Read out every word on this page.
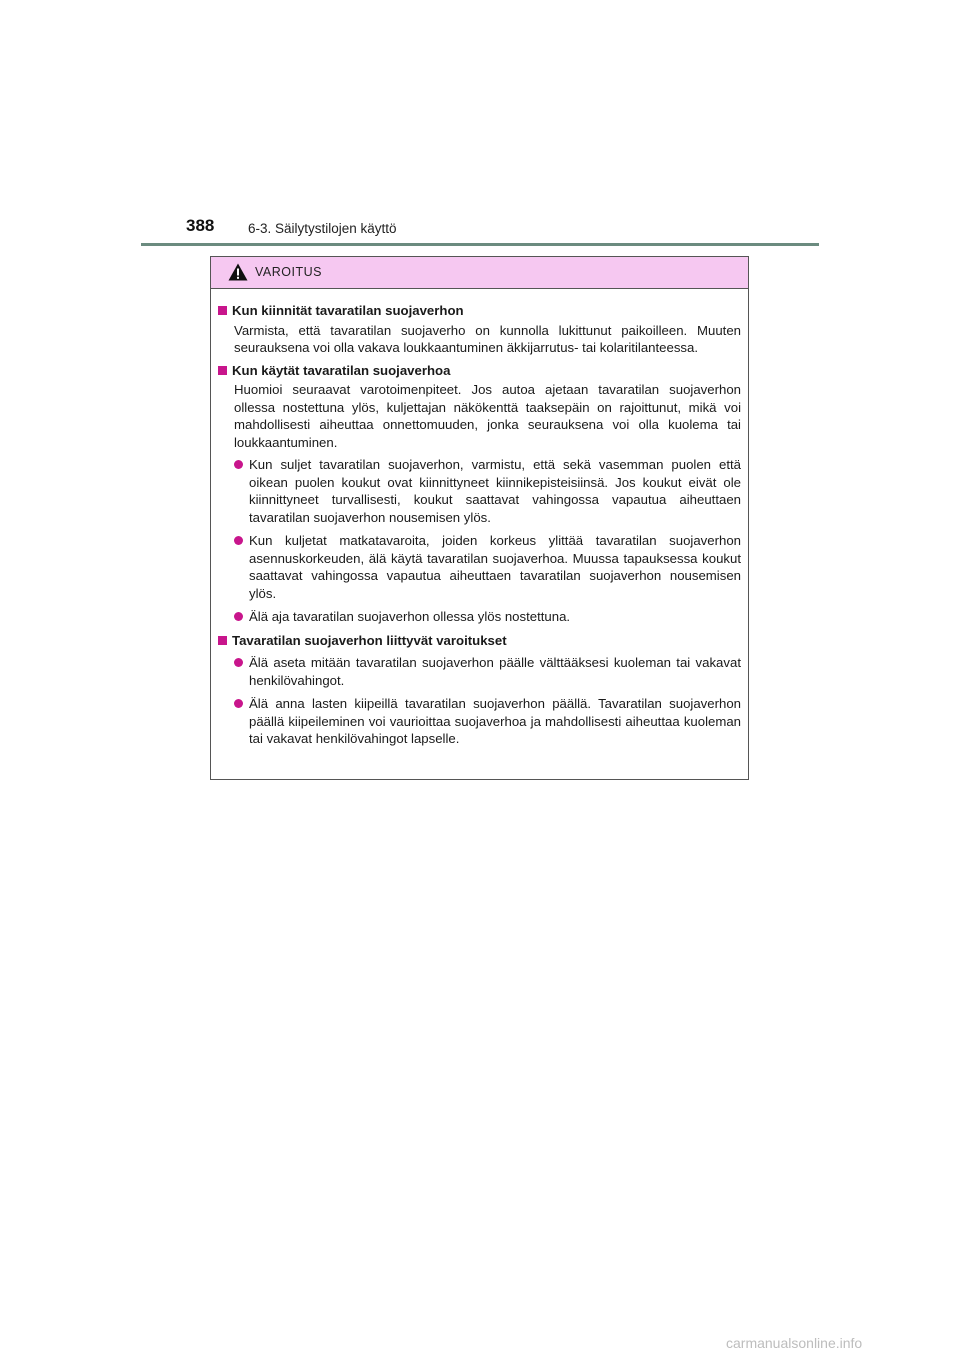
388 6-3. Säilytystilojen käyttö
VAROITUS
Kun kiinnität tavaratilan suojaverhon
Varmista, että tavaratilan suojaverho on kunnolla lukittunut paikoilleen. Muuten seurauksena voi olla vakava loukkaantuminen äkkijarrutus- tai kolaritilanteessa.
Kun käytät tavaratilan suojaverhoa
Huomioi seuraavat varotoimenpiteet. Jos autoa ajetaan tavaratilan suojaverhon ollessa nostettuna ylös, kuljettajan näkökenttä taaksepäin on rajoittunut, mikä voi mahdollisesti aiheuttaa onnettomuuden, jonka seurauksena voi olla kuolema tai loukkaantuminen.
Kun suljet tavaratilan suojaverhon, varmistu, että sekä vasemman puolen että oikean puolen koukut ovat kiinnittyneet kiinnikepisteisiinsä. Jos koukut eivät ole kiinnittyneet turvallisesti, koukut saattavat vahingossa vapautua aiheuttaen tavaratilan suojaverhon nousemisen ylös.
Kun kuljetat matkatavaroita, joiden korkeus ylittää tavaratilan suojaverhon asennuskorkeuden, älä käytä tavaratilan suojaverhoa. Muussa tapauksessa koukut saattavat vahingossa vapautua aiheuttaen tavaratilan suojaverhon nousemisen ylös.
Älä aja tavaratilan suojaverhon ollessa ylös nostettuna.
Tavaratilan suojaverhon liittyvät varoitukset
Älä aseta mitään tavaratilan suojaverhon päälle välttääksesi kuoleman tai vakavat henkilövahingot.
Älä anna lasten kiipeillä tavaratilan suojaverhon päällä. Tavaratilan suojaverhon päällä kiipeileminen voi vaurioittaa suojaverhoa ja mahdollisesti aiheuttaa kuoleman tai vakavat henkilövahingot lapselle.
carmanualsonline.info
